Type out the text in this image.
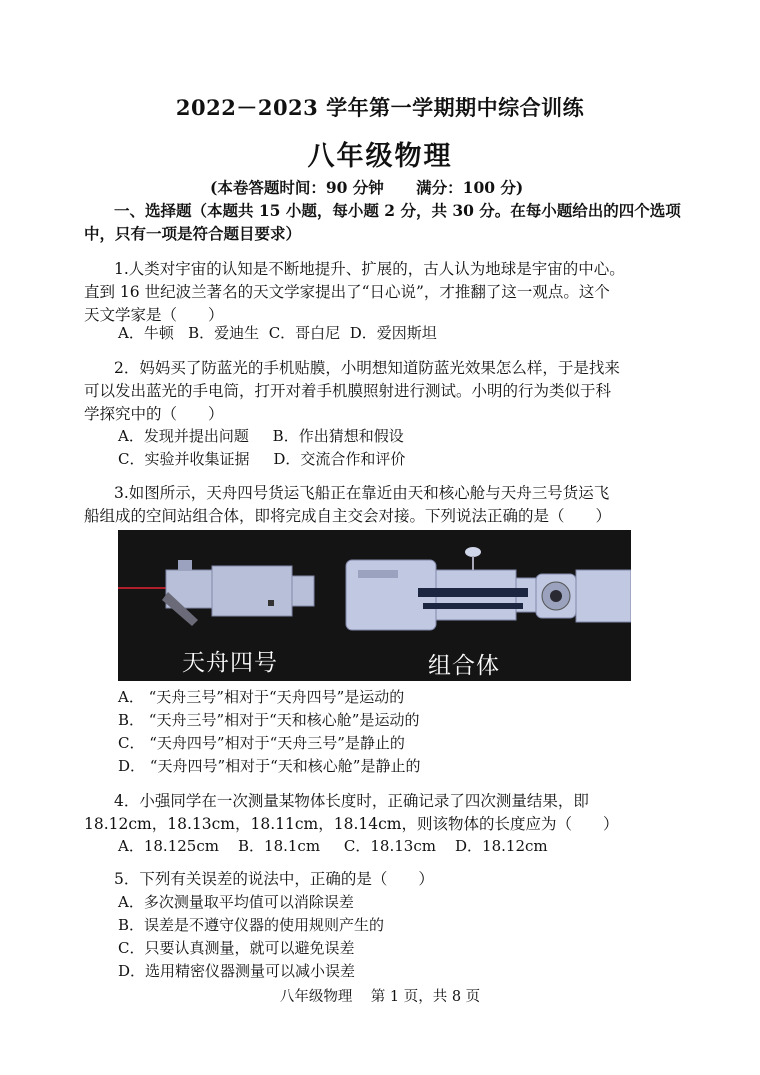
2022－2023 学年第一学期期中综合训练
八年级物理
(本卷答题时间：90 分钟      满分：100 分)
一、选择题（本题共 15 小题，每小题 2 分，共 30 分。在每小题给出的四个选项中，只有一项是符合题目要求）
1.人类对宇宙的认知是不断地提升、扩展的，古人认为地球是宇宙的中心。
直到 16 世纪波兰著名的天文学家提出了“日心说”，才推翻了这一观点。这个
天文学家是（　　）
A．牛顿   B．爱迪生  C．哥白尼  D．爱因斯坦
2．妈妈买了防蓝光的手机贴膜，小明想知道防蓝光效果怎么样，于是找来
可以发出蓝光的手电筒，打开对着手机膜照射进行测试。小明的行为类似于科
学探究中的（　　）
A．发现并提出问题     B．作出猜想和假设
C．实验并收集证据     D．交流合作和评价
3.如图所示，天舟四号货运飞船正在靠近由天和核心舱与天舟三号货运飞
船组成的空间站组合体，即将完成自主交会对接。下列说法正确的是（　　）
天舟四号	组合体
A． “天舟三号”相对于“天舟四号”是运动的
B． “天舟三号”相对于“天和核心舱”是运动的
C． “天舟四号”相对于“天舟三号”是静止的
D． “天舟四号”相对于“天和核心舱”是静止的
4．小强同学在一次测量某物体长度时，正确记录了四次测量结果，即
18.12cm，18.13cm，18.11cm，18.14cm，则该物体的长度应为（　　）
A．18.125cm    B．18.1cm     C．18.13cm    D．18.12cm
5．下列有关误差的说法中，正确的是（　　）
A．多次测量取平均值可以消除误差
B．误差是不遵守仪器的使用规则产生的
C．只要认真测量，就可以避免误差
D．选用精密仪器测量可以减小误差
八年级物理    第 1 页，共 8 页
